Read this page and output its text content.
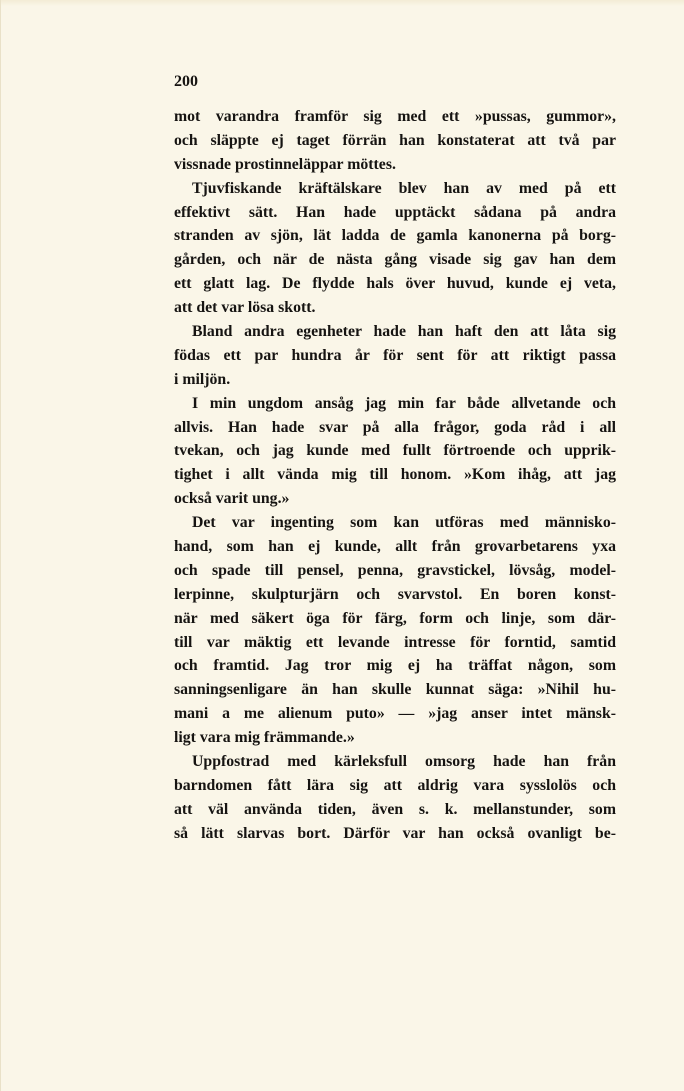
200
mot varandra framför sig med ett »pussas, gummor»,
och släppte ej taget förrän han konstaterat att två par
vissnade prostinneläppar möttes.
Tjuvfiskande kräftälskare blev han av med på ett
effektivt sätt. Han hade upptäckt sådana på andra
stranden av sjön, lät ladda de gamla kanonerna på borg-
gården, och när de nästa gång visade sig gav han dem
ett glatt lag. De flydde hals över huvud, kunde ej veta,
att det var lösa skott.
Bland andra egenheter hade han haft den att låta sig
födas ett par hundra år för sent för att riktigt passa
i miljön.
I min ungdom ansåg jag min far både allvetande och
allvis. Han hade svar på alla frågor, goda råd i all
tvekan, och jag kunde med fullt förtroende och upprik-
tighet i allt vända mig till honom. »Kom ihåg, att jag
också varit ung.»
Det var ingenting som kan utföras med människo-
hand, som han ej kunde, allt från grovarbetarens yxa
och spade till pensel, penna, gravstickel, lövsåg, model-
lerpinne, skulpturjärn och svarvstol. En boren konst-
när med säkert öga för färg, form och linje, som där-
till var mäktig ett levande intresse för forntid, samtid
och framtid. Jag tror mig ej ha träffat någon, som
sanningsenligare än han skulle kunnat säga: »Nihil hu-
mani a me alienum puto» — »jag anser intet mänsk-
ligt vara mig främmande.»
Uppfostrad med kärleksfull omsorg hade han från
barndomen fått lära sig att aldrig vara sysslolös och
att väl använda tiden, även s. k. mellanstunder, som
så lätt slarvas bort. Därför var han också ovanligt be-
